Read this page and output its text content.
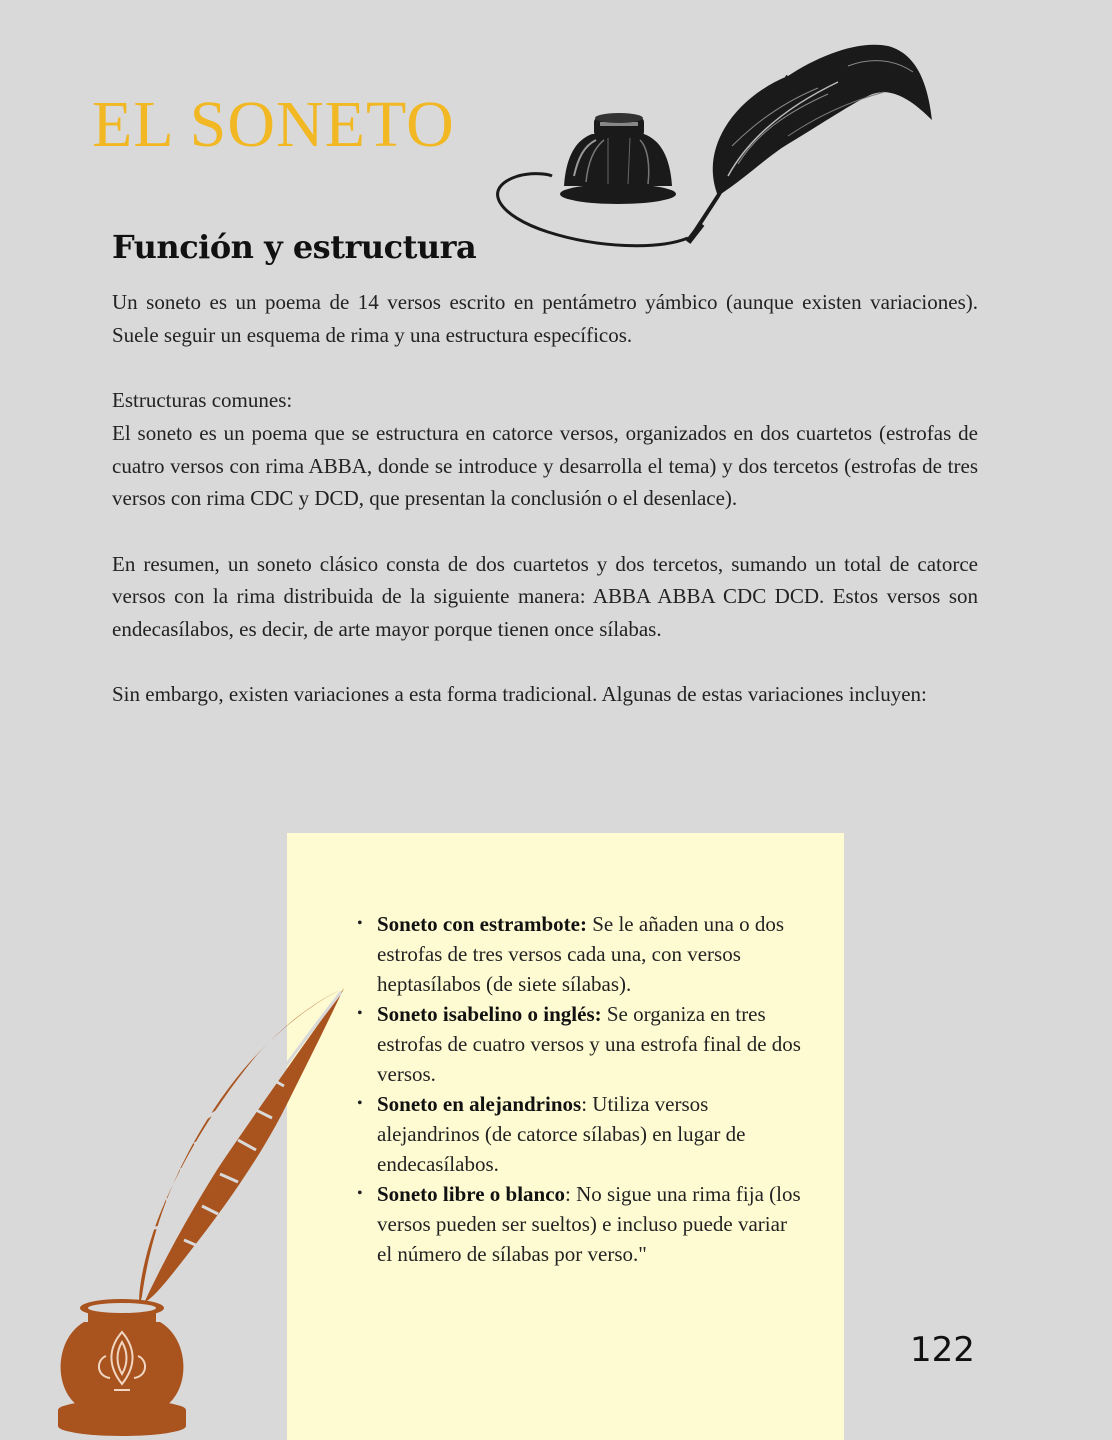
EL SONETO
Función y estructura

Un soneto es un poema de 14 versos escrito en pentámetro yámbico (aunque existen variaciones). Suele seguir un esquema de rima y una estructura específicos.

Estructuras comunes:

El soneto es un poema que se estructura en catorce versos, organizados en dos cuartetos (estrofas de cuatro versos con rima ABBA, donde se introduce y desarrolla el tema) y dos tercetos (estrofas de tres versos con rima CDC y DCD, que presentan la conclusión o el desenlace).

En resumen, un soneto clásico consta de dos cuartetos y dos tercetos, sumando un total de catorce versos con la rima distribuida de la siguiente manera: ABBA ABBA CDC DCD. Estos versos son endecasílabos, es decir, de arte mayor porque tienen once sílabas.

Sin embargo, existen variaciones a esta forma tradicional. Algunas de estas variaciones incluyen:

• Soneto con estrambote: Se le añaden una o dos estrofas de tres versos cada una, con versos heptasílabos (de siete sílabas).
• Soneto isabelino o inglés: Se organiza en tres estrofas de cuatro versos y una estrofa final de dos versos.
• Soneto en alejandrinos: Utiliza versos alejandrinos (de catorce sílabas) en lugar de endecasílabos.
• Soneto libre o blanco: No sigue una rima fija (los versos pueden ser sueltos) e incluso puede variar el número de sílabas por verso."
122
